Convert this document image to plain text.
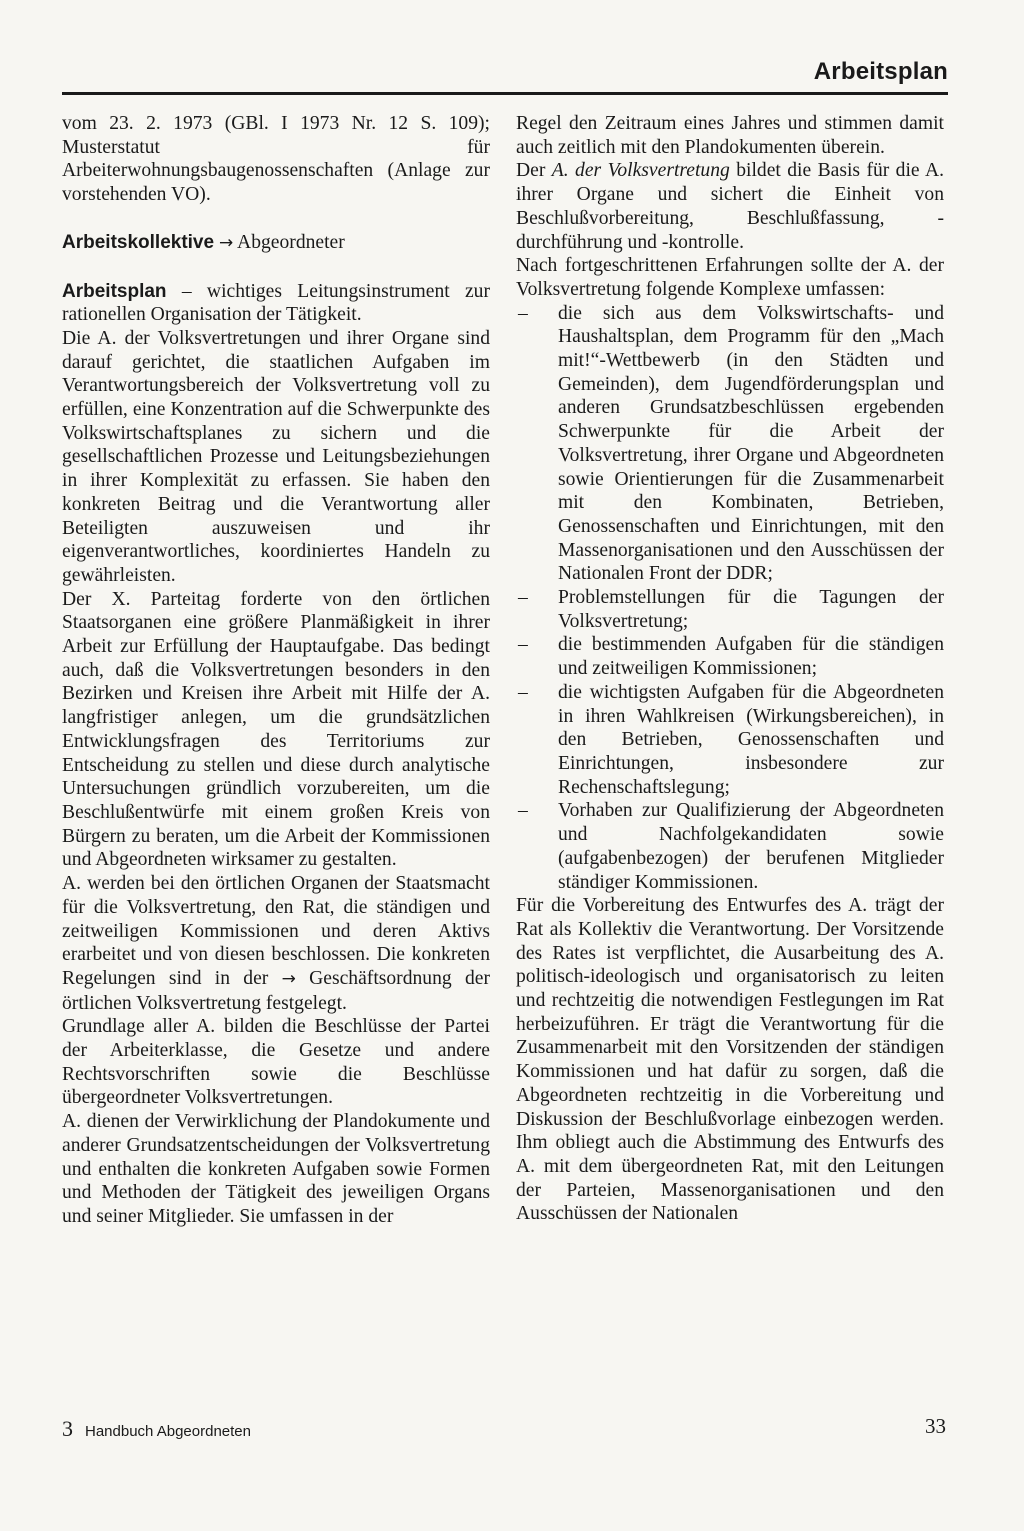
Arbeitsplan

vom 23. 2. 1973 (GBl. I 1973 Nr. 12 S. 109); Musterstatut für Arbeiterwohnungsbaugenossenschaften (Anlage zur vorstehenden VO).

Arbeitskollektive → Abgeordneter

Arbeitsplan – wichtiges Leitungsinstrument zur rationellen Organisation der Tätigkeit.

Die A. der Volksvertretungen und ihrer Organe sind darauf gerichtet, die staatlichen Aufgaben im Verantwortungsbereich der Volksvertretung voll zu erfüllen, eine Konzentration auf die Schwerpunkte des Volkswirtschaftsplanes zu sichern und die gesellschaftlichen Prozesse und Leitungsbeziehungen in ihrer Komplexität zu erfassen. Sie haben den konkreten Beitrag und die Verantwortung aller Beteiligten auszuweisen und ihr eigenverantwortliches, koordiniertes Handeln zu gewährleisten.

Der X. Parteitag forderte von den örtlichen Staatsorganen eine größere Planmäßigkeit in ihrer Arbeit zur Erfüllung der Hauptaufgabe. Das bedingt auch, daß die Volksvertretungen besonders in den Bezirken und Kreisen ihre Arbeit mit Hilfe der A. langfristiger anlegen, um die grundsätzlichen Entwicklungsfragen des Territoriums zur Entscheidung zu stellen und diese durch analytische Untersuchungen gründlich vorzubereiten, um die Beschlußentwürfe mit einem großen Kreis von Bürgern zu beraten, um die Arbeit der Kommissionen und Abgeordneten wirksamer zu gestalten.

A. werden bei den örtlichen Organen der Staatsmacht für die Volksvertretung, den Rat, die ständigen und zeitweiligen Kommissionen und deren Aktivs erarbeitet und von diesen beschlossen. Die konkreten Regelungen sind in der → Geschäftsordnung der örtlichen Volksvertretung festgelegt.

Grundlage aller A. bilden die Beschlüsse der Partei der Arbeiterklasse, die Gesetze und andere Rechtsvorschriften sowie die Beschlüsse übergeordneter Volksvertretungen.

A. dienen der Verwirklichung der Plandokumente und anderer Grundsatzentscheidungen der Volksvertretung und enthalten die konkreten Aufgaben sowie Formen und Methoden der Tätigkeit des jeweiligen Organs und seiner Mitglieder. Sie umfassen in der

Regel den Zeitraum eines Jahres und stimmen damit auch zeitlich mit den Plandokumenten überein.

Der A. der Volksvertretung bildet die Basis für die A. ihrer Organe und sichert die Einheit von Beschlußvorbereitung, Beschlußfassung, -durchführung und -kontrolle.

Nach fortgeschrittenen Erfahrungen sollte der A. der Volksvertretung folgende Komplexe umfassen:

– die sich aus dem Volkswirtschafts- und Haushaltsplan, dem Programm für den „Mach mit!“-Wettbewerb (in den Städten und Gemeinden), dem Jugendförderungsplan und anderen Grundsatzbeschlüssen ergebenden Schwerpunkte für die Arbeit der Volksvertretung, ihrer Organe und Abgeordneten sowie Orientierungen für die Zusammenarbeit mit den Kombinaten, Betrieben, Genossenschaften und Einrichtungen, mit den Massenorganisationen und den Ausschüssen der Nationalen Front der DDR;
– Problemstellungen für die Tagungen der Volksvertretung;
– die bestimmenden Aufgaben für die ständigen und zeitweiligen Kommissionen;
– die wichtigsten Aufgaben für die Abgeordneten in ihren Wahlkreisen (Wirkungsbereichen), in den Betrieben, Genossenschaften und Einrichtungen, insbesondere zur Rechenschaftslegung;
– Vorhaben zur Qualifizierung der Abgeordneten und Nachfolgekandidaten sowie (aufgabenbezogen) der berufenen Mitglieder ständiger Kommissionen.

Für die Vorbereitung des Entwurfes des A. trägt der Rat als Kollektiv die Verantwortung. Der Vorsitzende des Rates ist verpflichtet, die Ausarbeitung des A. politisch-ideologisch und organisatorisch zu leiten und rechtzeitig die notwendigen Festlegungen im Rat herbeizuführen. Er trägt die Verantwortung für die Zusammenarbeit mit den Vorsitzenden der ständigen Kommissionen und hat dafür zu sorgen, daß die Abgeordneten rechtzeitig in die Vorbereitung und Diskussion der Beschlußvorlage einbezogen werden. Ihm obliegt auch die Abstimmung des Entwurfs des A. mit dem übergeordneten Rat, mit den Leitungen der Parteien, Massenorganisationen und den Ausschüssen der Nationalen

3 Handbuch Abgeordneten	33
